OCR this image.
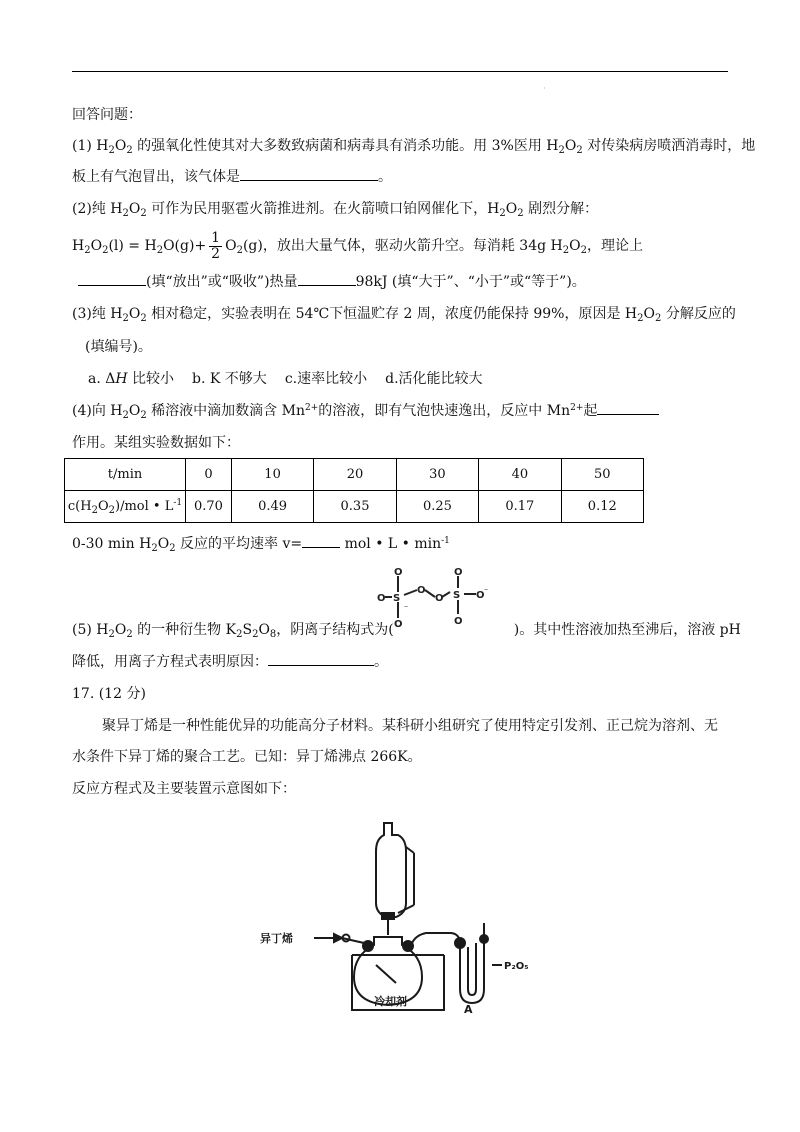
·
回答问题：
(1) $H_2O_2$ 的强氧化性使其对大多数致病菌和病毒具有消杀功能。用 3%医用 $H_2O_2$ 对传染病房喷洒消毒时，地
板上有气泡冒出，该气体是	。
(2)纯 $H_2O_2$ 可作为民用驱雹火箭推进剂。在火箭喷口铂网催化下，$H_2O_2$ 剧烈分解：
$H_2O_2(l) = H_2O(g)+ \frac{1}{2} O_2(g)$，放出大量气体，驱动火箭升空。每消耗 34g $H_2O_2$，理论上
(填“放出”或“吸收”)热量	98kJ (填“大于”、“小于”或“等于”)。
(3)纯 $H_2O_2$ 相对稳定，实验表明在 54℃下恒温贮存 2 周，浓度仍能保持 99%，原因是 $H_2O_2$ 分解反应的
(填编号)。
a. ΔH 比较小 b. K 不够大 c.速率比较小 d.活化能比较大
(4)向 $H_2O_2$ 稀溶液中滴加数滴含 $Mn^{2+}$的溶液，即有气泡快速逸出，反应中 $Mn^{2+}$起
作用。某组实验数据如下：
t/min	0	10	20	30	40	50
$c(H_2O_2)$/mol • $L^{-1}$	0.70	0.49	0.35	0.25	0.17	0.12
0-30 $\min H_2O_2$ 反应的平均速率 v=	mol • L • $\min^{-1}$
O
O S
O
O
O
O
S
O
O ⁻
⁻
(5) $H_2O_2$ 的一种衍生物 $K_2S_2O_8$，阴离子结构式为(	)。其中性溶液加热至沸后，溶液 pH
降低，用离子方程式表明原因：	。
17. (12 分)
聚异丁烯是一种性能优异的功能高分子材料。某科研小组研究了使用特定引发剂、正己烷为溶剂、无
水条件下异丁烯的聚合工艺。已知：异丁烯沸点 266K。
反应方程式及主要装置示意图如下：
异丁烯
冷却剂
P₂O₅
A
